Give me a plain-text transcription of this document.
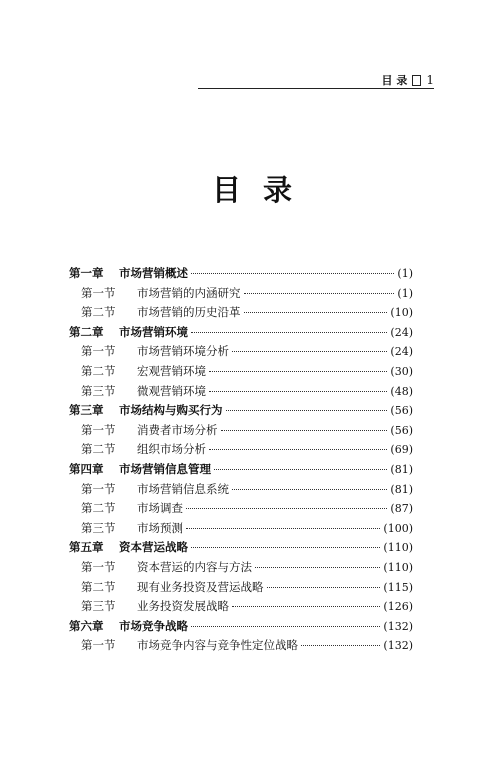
目 录 1
目录
第一章	市场营销概述	(1)
第一节	市场营销的内涵研究	(1)
第二节	市场营销的历史沿革	(10)
第二章	市场营销环境	(24)
第一节	市场营销环境分析	(24)
第二节	宏观营销环境	(30)
第三节	微观营销环境	(48)
第三章	市场结构与购买行为	(56)
第一节	消费者市场分析	(56)
第二节	组织市场分析	(69)
第四章	市场营销信息管理	(81)
第一节	市场营销信息系统	(81)
第二节	市场调查	(87)
第三节	市场预测	(100)
第五章	资本营运战略	(110)
第一节	资本营运的内容与方法	(110)
第二节	现有业务投资及营运战略	(115)
第三节	业务投资发展战略	(126)
第六章	市场竞争战略	(132)
第一节	市场竞争内容与竞争性定位战略	(132)
